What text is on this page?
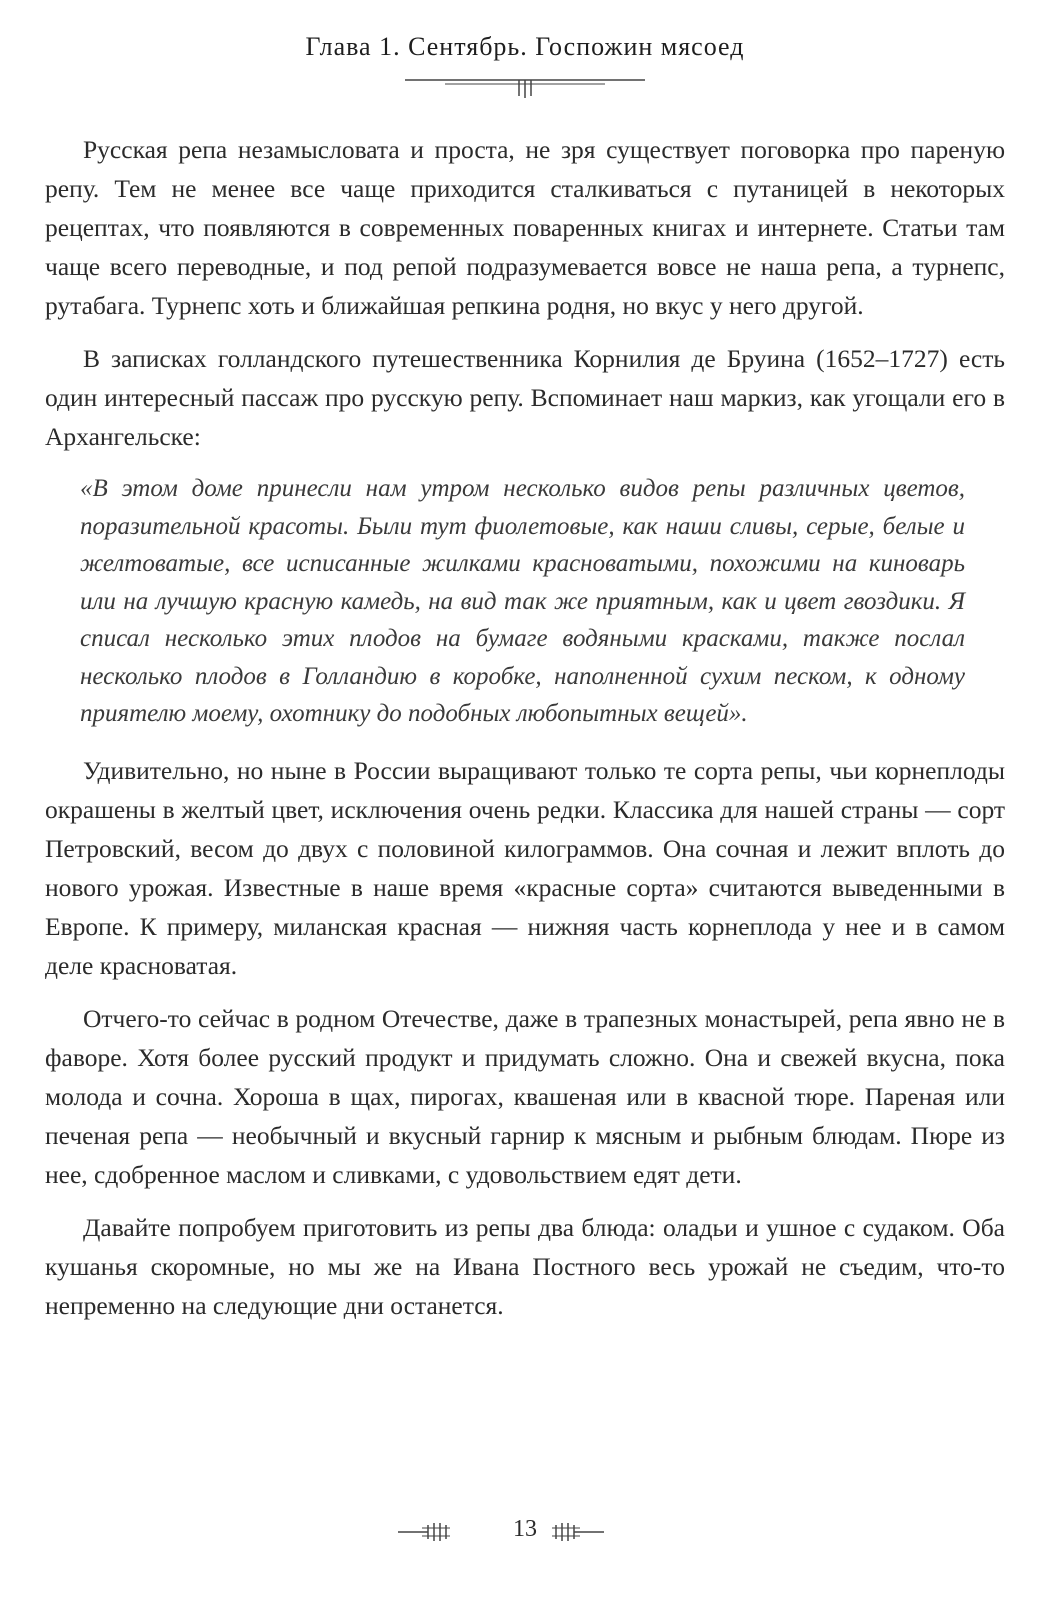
Глава 1. Сентябрь. Госпожин мясоед

Русская репа незамысловата и проста, не зря существует поговорка про пареную репу. Тем не менее все чаще приходится сталкиваться с путаницей в некоторых рецептах, что появляются в современных поваренных книгах и интернете. Статьи там чаще всего переводные, и под репой подразумевается вовсе не наша репа, а турнепс, рутабага. Турнепс хоть и ближайшая репкина родня, но вкус у него другой.

В записках голландского путешественника Корнилия де Бруина (1652–1727) есть один интересный пассаж про русскую репу. Вспоминает наш маркиз, как угощали его в Архангельске:

«В этом доме принесли нам утром несколько видов репы различных цветов, поразительной красоты. Были тут фиолетовые, как наши сливы, серые, белые и желтоватые, все исписанные жилками красноватыми, похожими на киноварь или на лучшую красную камедь, на вид так же приятным, как и цвет гвоздики. Я списал несколько этих плодов на бумаге водяными красками, также послал несколько плодов в Голландию в коробке, наполненной сухим песком, к одному приятелю моему, охотнику до подобных любопытных вещей».

Удивительно, но ныне в России выращивают только те сорта репы, чьи корнеплоды окрашены в желтый цвет, исключения очень редки. Классика для нашей страны — сорт Петровский, весом до двух с половиной килограммов. Она сочная и лежит вплоть до нового урожая. Известные в наше время «красные сорта» считаются выведенными в Европе. К примеру, миланская красная — нижняя часть корнеплода у нее и в самом деле красноватая.

Отчего-то сейчас в родном Отечестве, даже в трапезных монастырей, репа явно не в фаворе. Хотя более русский продукт и придумать сложно. Она и свежей вкусна, пока молода и сочна. Хороша в щах, пирогах, квашеная или в квасной тюре. Пареная или печеная репа — необычный и вкусный гарнир к мясным и рыбным блюдам. Пюре из нее, сдобренное маслом и сливками, с удовольствием едят дети.

Давайте попробуем приготовить из репы два блюда: оладьи и ушное с судаком. Оба кушанья скоромные, но мы же на Ивана Постного весь урожай не съедим, что-то непременно на следующие дни останется.

13
